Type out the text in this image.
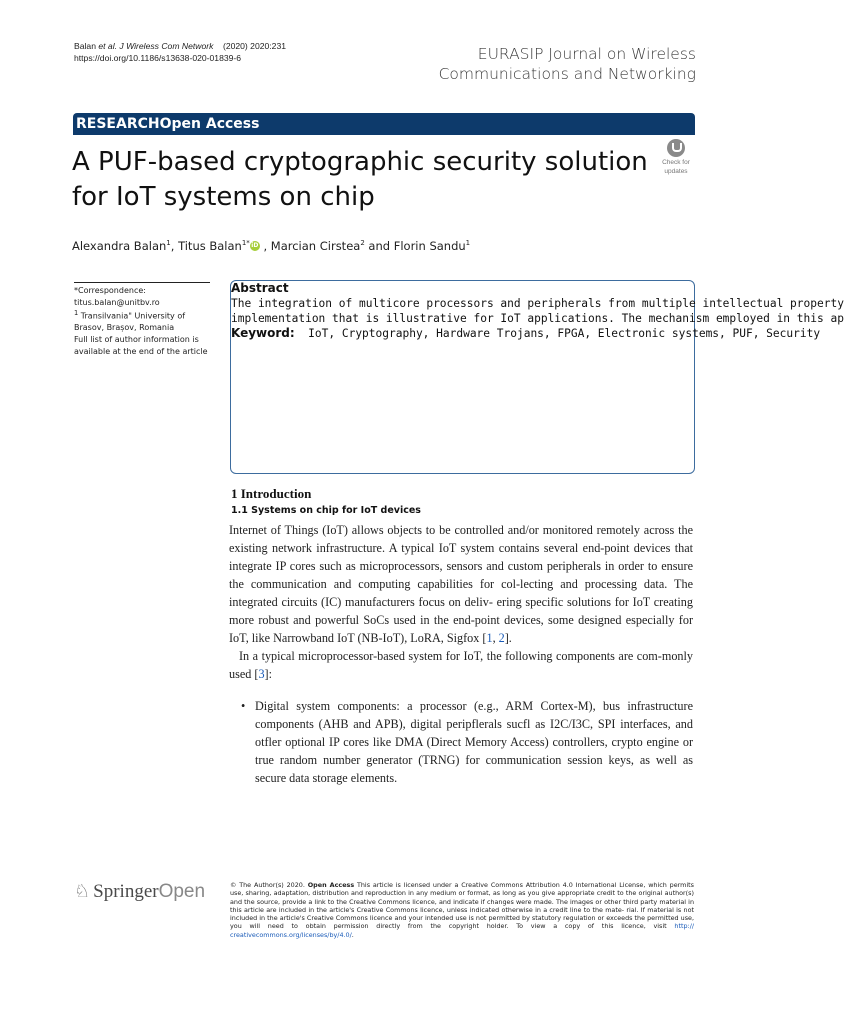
Balan et al. J Wireless Com Network (2020) 2020:231
https://doi.org/10.1186/s13638-020-01839-6	EURASIP Journal on Wireless
Communications and Networking
RESEARCHOpen Access
A PUF-based cryptographic security solution for IoT systems on chip
Check for
updates
Alexandra Balan$^1$, Titus Balan$^{1*}$iD , Marcian Cirstea$^2$ and Florin Sandu$^1$
*Correspondence:
titus.balan@unitbv.ro
$^1$ Transilvania" University of Brasov, Brașov, Romania
Full list of author information is available at the end of the article
Abstract
The integration of multicore processors and peripherals from multiple intellectual property
implementation that is illustrative for IoT applications. The mechanism employed in this ap
Keyword: IoT, Cryptography, Hardware Trojans, FPGA, Electronic systems, PUF, Security
1 Introduction
1.1 Systems on chip for IoT devices

Internet of Things (IoT) allows objects to be controlled and/or monitored remotely across the existing network infrastructure. A typical IoT system contains several end-point devices that integrate IP cores such as microprocessors, sensors and custom peripherals in order to ensure the communication and computing capabilities for col-lecting and processing data. The integrated circuits (IC) manufacturers focus on deliv- ering specific solutions for IoT creating more robust and powerful SoCs used in the end-point devices, some designed especially for IoT, like Narrowband IoT (NB-IoT), LoRA, Sigfox [1, 2].

In a typical microprocessor-based system for IoT, the following components are com-monly used [3]:

• Digital system components: a processor (e.g., ARM Cortex-M), bus infrastructure components (AHB and APB), digital peripflerals sucfl as I2C/I3C, SPI interfaces, and otfler optional IP cores like DMA (Direct Memory Access) controllers, crypto engine or true random number generator (TRNG) for communication session keys, as well as secure data storage elements.
♘ SpringerOpen	© The Author(s) 2020. Open Access This article is licensed under a Creative Commons Attribution 4.0 International License, which permits use, sharing, adaptation, distribution and reproduction in any medium or format, as long as you give appropriate credit to the original author(s) and the source, provide a link to the Creative Commons licence, and indicate if changes were made. The images or other third party material in this article are included in the article's Creative Commons licence, unless indicated otherwise in a credit line to the mate- rial. If material is not included in the article's Creative Commons licence and your intended use is not permitted by statutory regulation or exceeds the permitted use, you will need to obtain permission directly from the copyright holder. To view a copy of this licence, visit http:// creativecommons.org/licenses/by/4.0/.
